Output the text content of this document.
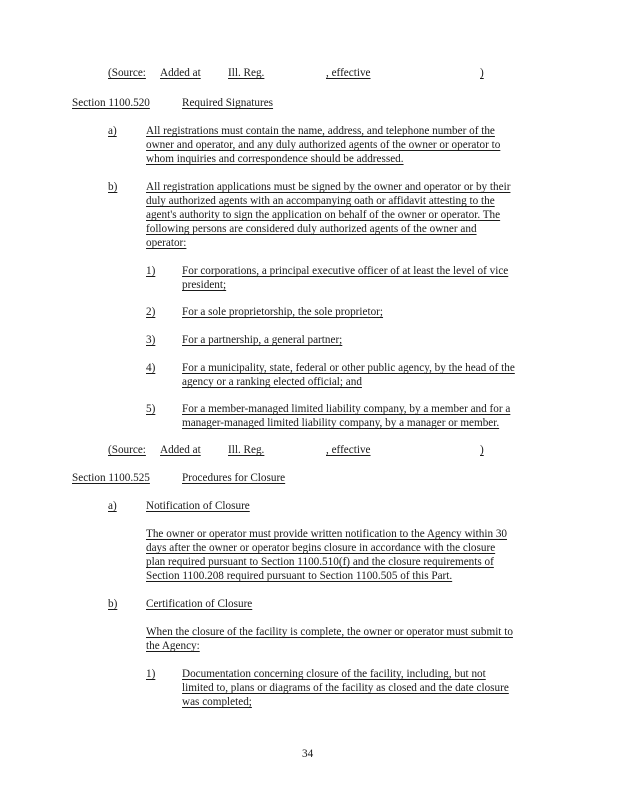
(Source: Added at Ill. Reg.	, effective	)
Section 1100.520	Required Signatures
a)	All registrations must contain the name, address, and telephone number of the
owner and operator, and any duly authorized agents of the owner or operator to
whom inquiries and correspondence should be addressed.
b)	All registration applications must be signed by the owner and operator or by their
duly authorized agents with an accompanying oath or affidavit attesting to the
agent's authority to sign the application on behalf of the owner or operator. The
following persons are considered duly authorized agents of the owner and
operator:
1) For corporations, a principal executive officer of at least the level of vice
president;
2) For a sole proprietorship, the sole proprietor;
3) For a partnership, a general partner;
4) For a municipality, state, federal or other public agency, by the head of the
agency or a ranking elected official; and
5) For a member-managed limited liability company, by a member and for a
manager-managed limited liability company, by a manager or member.
(Source: Added at Ill. Reg.	, effective	)
Section 1100.525	Procedures for Closure
a)	Notification of Closure
The owner or operator must provide written notification to the Agency within 30
days after the owner or operator begins closure in accordance with the closure
plan required pursuant to Section 1100.510(f) and the closure requirements of
Section 1100.208 required pursuant to Section 1100.505 of this Part.
b)	Certification of Closure
When the closure of the facility is complete, the owner or operator must submit to
the Agency:
1) Documentation concerning closure of the facility, including, but not
limited to, plans or diagrams of the facility as closed and the date closure
was completed;
34
